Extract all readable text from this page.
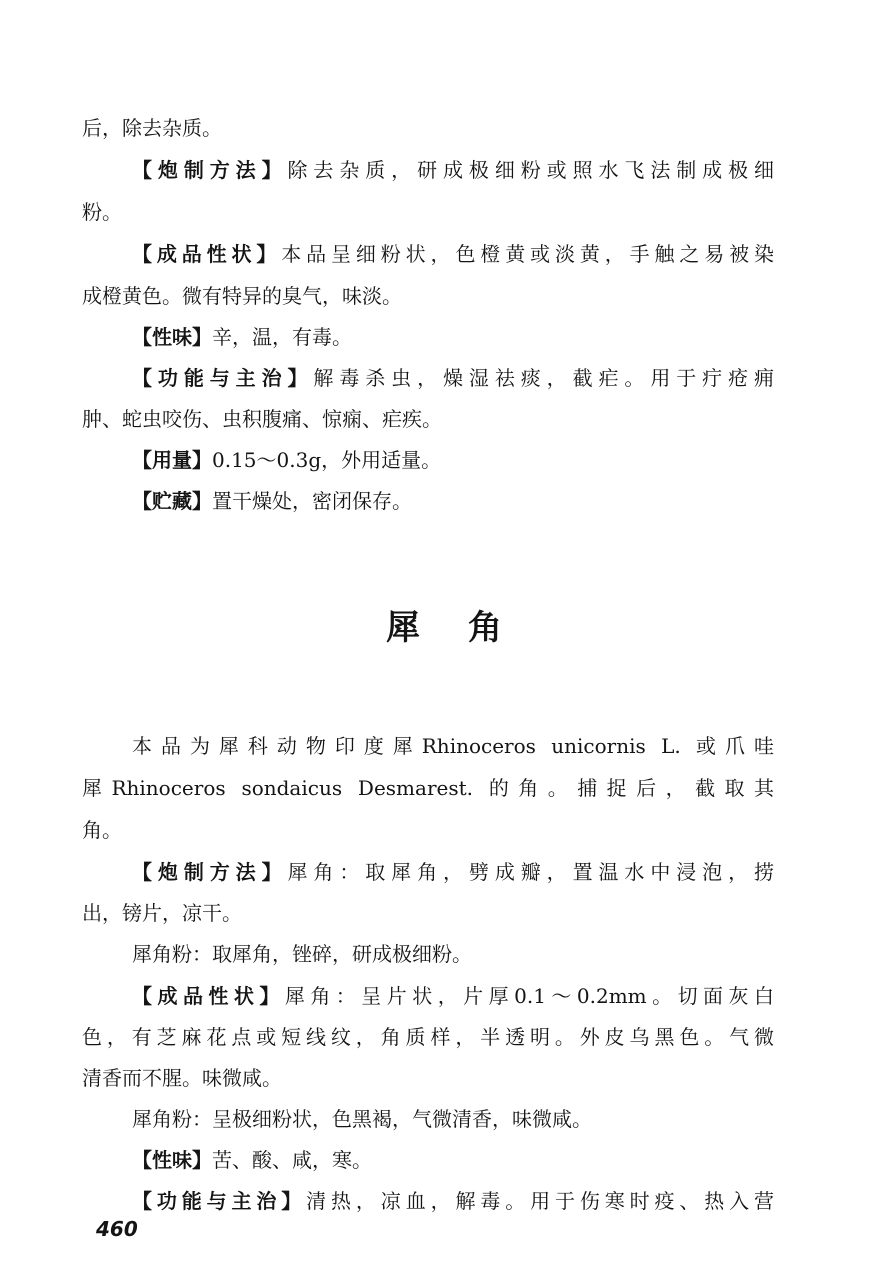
后，除去杂质。
【炮制方法】除去杂质，研成极细粉或照水飞法制成极细
粉。
【成品性状】本品呈细粉状，色橙黄或淡黄，手触之易被染
成橙黄色。微有特异的臭气，味淡。
【性味】辛，温，有毒。
【功能与主治】解毒杀虫，燥湿祛痰，截疟。用于疔疮痈
肿、蛇虫咬伤、虫积腹痛、惊痫、疟疾。
【用量】0.15～0.3g，外用适量。
【贮藏】置干燥处，密闭保存。
犀角
本品为犀科动物印度犀Rhinoceros unicornis L. 或爪哇
犀Rhinoceros sondaicus Desmarest. 的角。捕捉后，截取其
角。
【炮制方法】犀角：取犀角，劈成瓣，置温水中浸泡，捞
出，镑片，凉干。
犀角粉：取犀角，锉碎，研成极细粉。
【成品性状】犀角：呈片状，片厚0.1～0.2mm。切面灰白
色，有芝麻花点或短线纹，角质样，半透明。外皮乌黑色。气微
清香而不腥。味微咸。
犀角粉：呈极细粉状，色黑褐，气微清香，味微咸。
【性味】苦、酸、咸，寒。
【功能与主治】清热，凉血，解毒。用于伤寒时疫、热入营
460
